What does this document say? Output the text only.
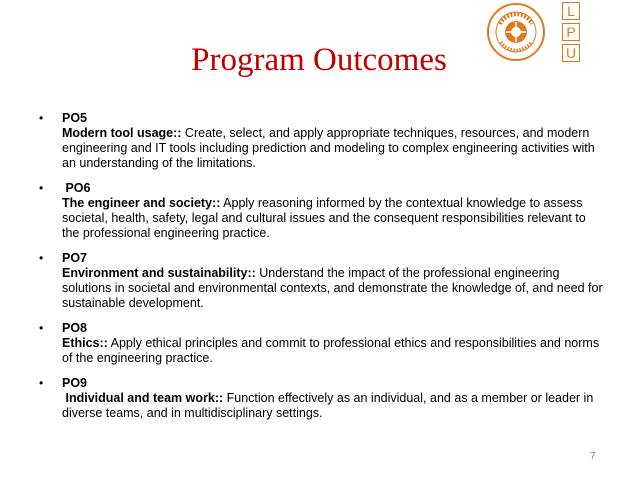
L
P
U
Program Outcomes
• PO5
Modern tool usage:: Create, select, and apply appropriate techniques, resources, and modern engineering and IT tools including prediction and modeling to complex engineering activities with an understanding of the limitations.
• PO6
The engineer and society:: Apply reasoning informed by the contextual knowledge to assess societal, health, safety, legal and cultural issues and the consequent responsibilities relevant to the professional engineering practice.
• PO7
Environment and sustainability:: Understand the impact of the professional engineering solutions in societal and environmental contexts, and demonstrate the knowledge of, and need for sustainable development.
• PO8
Ethics:: Apply ethical principles and commit to professional ethics and responsibilities and norms of the engineering practice.
• PO9
Individual and team work:: Function effectively as an individual, and as a member or leader in diverse teams, and in multidisciplinary settings.
7
